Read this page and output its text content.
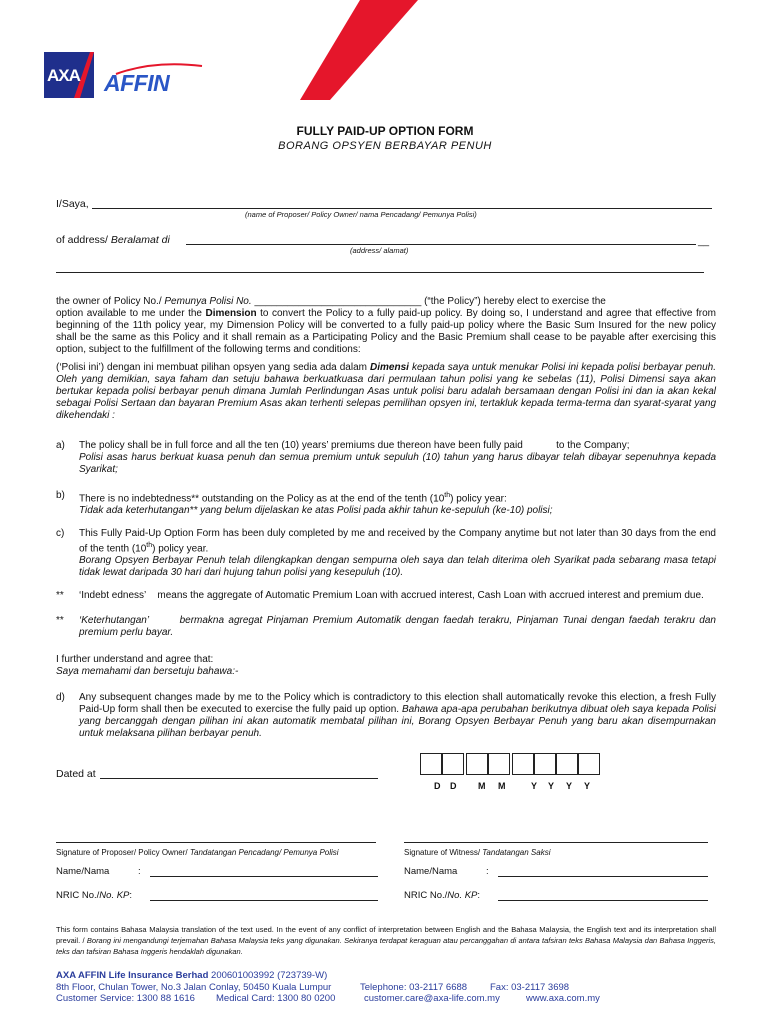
AXA AFFIN
FULLY PAID-UP OPTION FORM
BORANG OPSYEN BERBAYAR PENUH
I/Saya,
(name of Proposer/ Policy Owner/ nama Pencadang/ Pemunya Polisi)
of address/ Beralamat di	__
(address/ alamat)
the owner of Policy No./ Pemunya Polisi No. ______________________________ (“the Policy”) hereby elect to exercise the
option available to me under the Dimension to convert the Policy to a fully paid-up policy. By doing so, I understand and agree that effective from beginning of the 11th policy year, my Dimension Policy will be converted to a fully paid-up policy where the Basic Sum Insured for the new policy shall be the same as this Policy and it shall remain as a Participating Policy and the Basic Premium shall cease to be payable after exercising this option, subject to the fulfillment of the following terms and conditions:
(‘Polisi ini’) dengan ini membuat pilihan opsyen yang sedia ada dalam Dimensi kepada saya untuk menukar Polisi ini kepada polisi berbayar penuh. Oleh yang demikian, saya faham dan setuju bahawa berkuatkuasa dari permulaan tahun polisi yang ke sebelas (11), Polisi Dimensi saya akan bertukar kepada polisi berbayar penuh dimana Jumlah Perlindungan Asas untuk polisi baru adalah bersamaan dengan Polisi ini dan ia akan kekal sebagai Polisi Sertaan dan bayaran Premium Asas akan terhenti selepas pemilihan opsyen ini, tertakluk kepada terma-terma dan syarat-syarat yang dikehendaki :
a)	The policy shall be in full force and all the ten (10) years’ premiums due thereon have been fully paid            to the Company;
Polisi asas harus berkuat kuasa penuh dan semua premium untuk sepuluh (10) tahun yang harus dibayar telah dibayar sepenuhnya kepada Syarikat;
b)	There is no indebtedness** outstanding on the Policy as at the end of the tenth (10th) policy year:
Tidak ada keterhutangan** yang belum dijelaskan ke atas Polisi pada akhir tahun ke-sepuluh (ke-10) polisi;
c)	This Fully Paid-Up Option Form has been duly completed by me and received by the Company anytime but not later than 30 days from the end of the tenth (10th) policy year.
Borang Opsyen Berbayar Penuh telah dilengkapkan dengan sempurna oleh saya dan telah diterima oleh Syarikat pada sebarang masa tetapi tidak lewat daripada 30 hari dari hujung tahun polisi yang kesepuluh (10).
**	‘Indebt edness’    means the aggregate of Automatic Premium Loan with accrued interest, Cash Loan with accrued interest and premium due.
**	‘Keterhutangan’       bermakna agregat Pinjaman Premium Automatik dengan faedah terakru, Pinjaman Tunai dengan faedah terakru dan premium perlu bayar.
I further understand and agree that:
Saya memahami dan bersetuju bahawa:-
d)	Any subsequent changes made by me to the Policy which is contradictory to this election shall automatically revoke this election, a fresh Fully Paid-Up form shall then be executed to exercise the fully paid up option. Bahawa apa-apa perubahan berikutnya dibuat oleh saya kepada Polisi yang bercanggah dengan pilihan ini akan automatik membatal pilihan ini, Borang Opsyen Berbayar Penuh yang baru akan disempurnakan untuk melaksana pilihan berbayar penuh.
Dated at
D D M M	Y Y Y Y
Signature of Proposer/ Policy Owner/ Tandatangan Pencadang/ Pemunya Polisi	Signature of Witness/ Tandatangan Saksi
Name/Nama	:	Name/Nama	:
NRIC No./No. KP:	NRIC No./No. KP:
This form contains Bahasa Malaysia translation of the text used. In the event of any conflict of interpretation between English and the Bahasa Malaysia, the English text and its interpretation shall prevail. / Borang ini mengandungi terjemahan Bahasa Malaysia teks yang digunakan. Sekiranya terdapat keraguan atau percanggahan di antara tafsiran teks Bahasa Malaysia dan Bahasa Inggeris, teks dan tafsiran Bahasa Inggeris hendaklah digunakan.
AXA AFFIN Life Insurance Berhad 200601003992 (723739-W)
8th Floor, Chulan Tower, No.3 Jalan Conlay, 50450 Kuala Lumpur	Telephone: 03-2117 6688 Fax: 03-2117 3698
Customer Service: 1300 88 1616 Medical Card: 1300 80 0200	customer.care@axa-life.com.my	www.axa.com.my
